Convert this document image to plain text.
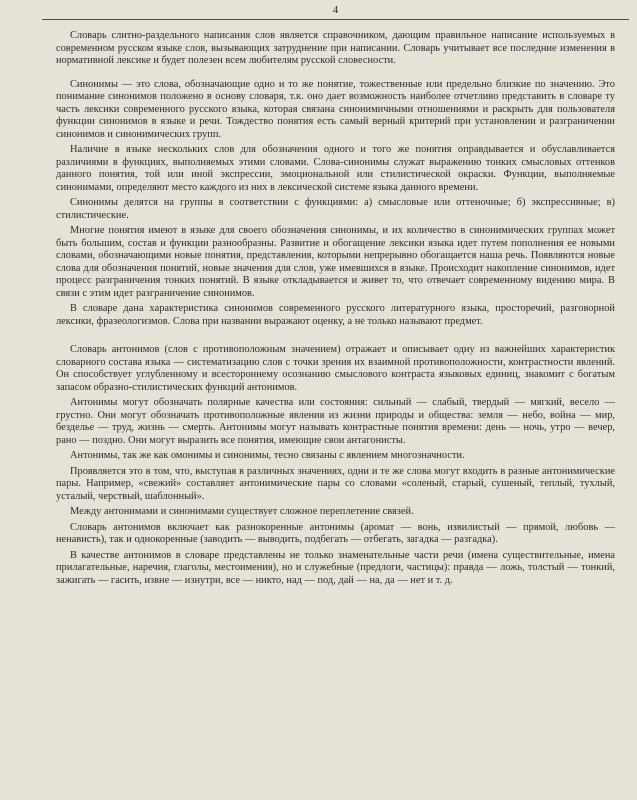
4

Словарь слитно-раздельного написания слов является справочником, дающим правильное написание используемых в современном русском языке слов, вызывающих затруднение при написании. Словарь учитывает все последние изменения в нормативной лексике и будет полезен всем любителям русской словесности.

Синонимы — это слова, обозначающие одно и то же понятие, тожественные или предельно близкие по значению. Это понимание синонимов положено в основу словаря, т.к. оно дает возможность наиболее отчетливо представить в словаре ту часть лексики современного русского языка, которая связана синонимичными отношениями и раскрыть для пользователя функции синонимов в языке и речи. Тождество понятия есть самый верный критерий при установлении и разграничении синонимов и синонимических групп.

Наличие в языке нескольких слов для обозначения одного и того же понятия оправдывается и обуславливается различиями в функциях, выполняемых этими словами. Слова-синонимы служат выражению тонких смысловых оттенков данного понятия, той или иной экспрессии, эмоциональной или стилистической окраски. Функции, выполняемые синонимами, определяют место каждого из них в лексической системе языка данного времени.

Синонимы делятся на группы в соответствии с функциями: а) смысловые или оттеночные; б) экспрессивные; в) стилистические.

Многие понятия имеют в языке для своего обозначения синонимы, и их количество в синонимических группах может быть большим, состав и функции разнообразны. Развитие и обогащение лексики языка идет путем пополнения ее новыми словами, обозначающими новые понятия, представления, которыми непрерывно обогащается наша речь. Появляются новые слова для обозначения понятий, новые значения для слов, уже имевшихся в языке. Происходит накопление синонимов, идет процесс разграничения тонких понятий. В языке откладывается и живет то, что отвечает современному видению мира. В связи с этим идет разграничение синонимов.

В словаре дана характеристика синонимов современного русского литературного языка, просторечий, разговорной лексики, фразеологизмов. Слова при названии выражают оценку, а не только называют предмет.

Словарь антонимов (слов с противоположным значением) отражает и описывает одну из важнейших характеристик словарного состава языка — систематизацию слов с точки зрения их взаимной противоположности, контрастности явлений. Он способствует углубленному и всестороннему осознанию смыслового контраста языковых единиц, знакомит с богатым запасом образно-стилистических функций антонимов.

Антонимы могут обозначать полярные качества или состояния: сильный — слабый, твердый — мягкий, весело — грустно. Они могут обозначать противоположные явления из жизни природы и общества: земля — небо, война — мир, безделье — труд, жизнь — смерть. Антонимы могут называть контрастные понятия времени: день — ночь, утро — вечер, рано — поздно. Они могут выразить все понятия, имеющие свои антагонисты.

Антонимы, так же как омонимы и синонимы, тесно связаны с явлением многозначности.

Проявляется это в том, что, выступая в различных значениях, одни и те же слова могут входить в разные антонимические пары. Например, «свежий» составляет антонимические пары со словами «соленый, старый, сушеный, теплый, тухлый, усталый, черствый, шаблонный».

Между антонимами и синонимами существует сложное переплетение связей.

Словарь антонимов включает как разнокоренные антонимы (аромат — вонь, извилистый — прямой, любовь — ненависть), так и однокоренные (заводить — выводить, подбегать — отбегать, загадка — разгадка).

В качестве антонимов в словаре представлены не только знаменательные части речи (имена существительные, имена прилагательные, наречия, глаголы, местоимения), но и служебные (предлоги, частицы): правда — ложь, толстый — тонкий, зажигать — гасить, извне — изнутри, все — никто, над — под, дай — на, да — нет и т. д.
